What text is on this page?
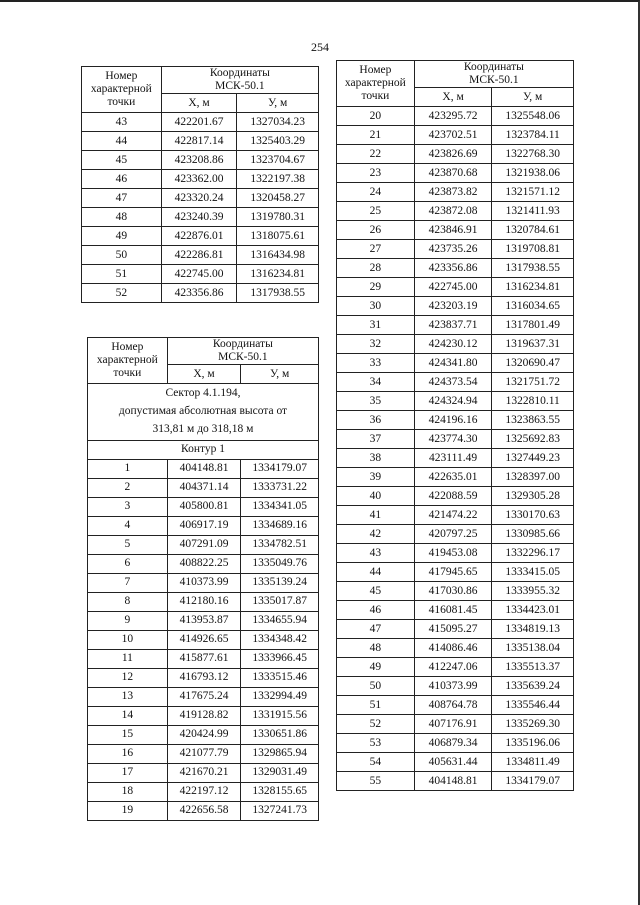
254
Номер
характерной
точки	Координаты
МСК-50.1	
	X, м	У, м
43	422201.67	1327034.23
44	422817.14	1325403.29
45	423208.86	1323704.67
46	423362.00	1322197.38
47	423320.24	1320458.27
48	423240.39	1319780.31
49	422876.01	1318075.61
50	422286.81	1316434.98
51	422745.00	1316234.81
52	423356.86	1317938.55
Номер
характерной
точки	Координаты
МСК-50.1	
	X, м	У, м
Сектор 4.1.194,
допустимая абсолютная высота от
313,81 м до 318,18 м		
Контур 1		
1	404148.81	1334179.07
2	404371.14	1333731.22
3	405800.81	1334341.05
4	406917.19	1334689.16
5	407291.09	1334782.51
6	408822.25	1335049.76
7	410373.99	1335139.24
8	412180.16	1335017.87
9	413953.87	1334655.94
10	414926.65	1334348.42
11	415877.61	1333966.45
12	416793.12	1333515.46
13	417675.24	1332994.49
14	419128.82	1331915.56
15	420424.99	1330651.86
16	421077.79	1329865.94
17	421670.21	1329031.49
18	422197.12	1328155.65
19	422656.58	1327241.73
Номер
характерной
точки	Координаты
МСК-50.1	
	X, м	У, м
20	423295.72	1325548.06
21	423702.51	1323784.11
22	423826.69	1322768.30
23	423870.68	1321938.06
24	423873.82	1321571.12
25	423872.08	1321411.93
26	423846.91	1320784.61
27	423735.26	1319708.81
28	423356.86	1317938.55
29	422745.00	1316234.81
30	423203.19	1316034.65
31	423837.71	1317801.49
32	424230.12	1319637.31
33	424341.80	1320690.47
34	424373.54	1321751.72
35	424324.94	1322810.11
36	424196.16	1323863.55
37	423774.30	1325692.83
38	423111.49	1327449.23
39	422635.01	1328397.00
40	422088.59	1329305.28
41	421474.22	1330170.63
42	420797.25	1330985.66
43	419453.08	1332296.17
44	417945.65	1333415.05
45	417030.86	1333955.32
46	416081.45	1334423.01
47	415095.27	1334819.13
48	414086.46	1335138.04
49	412247.06	1335513.37
50	410373.99	1335639.24
51	408764.78	1335546.44
52	407176.91	1335269.30
53	406879.34	1335196.06
54	405631.44	1334811.49
55	404148.81	1334179.07
